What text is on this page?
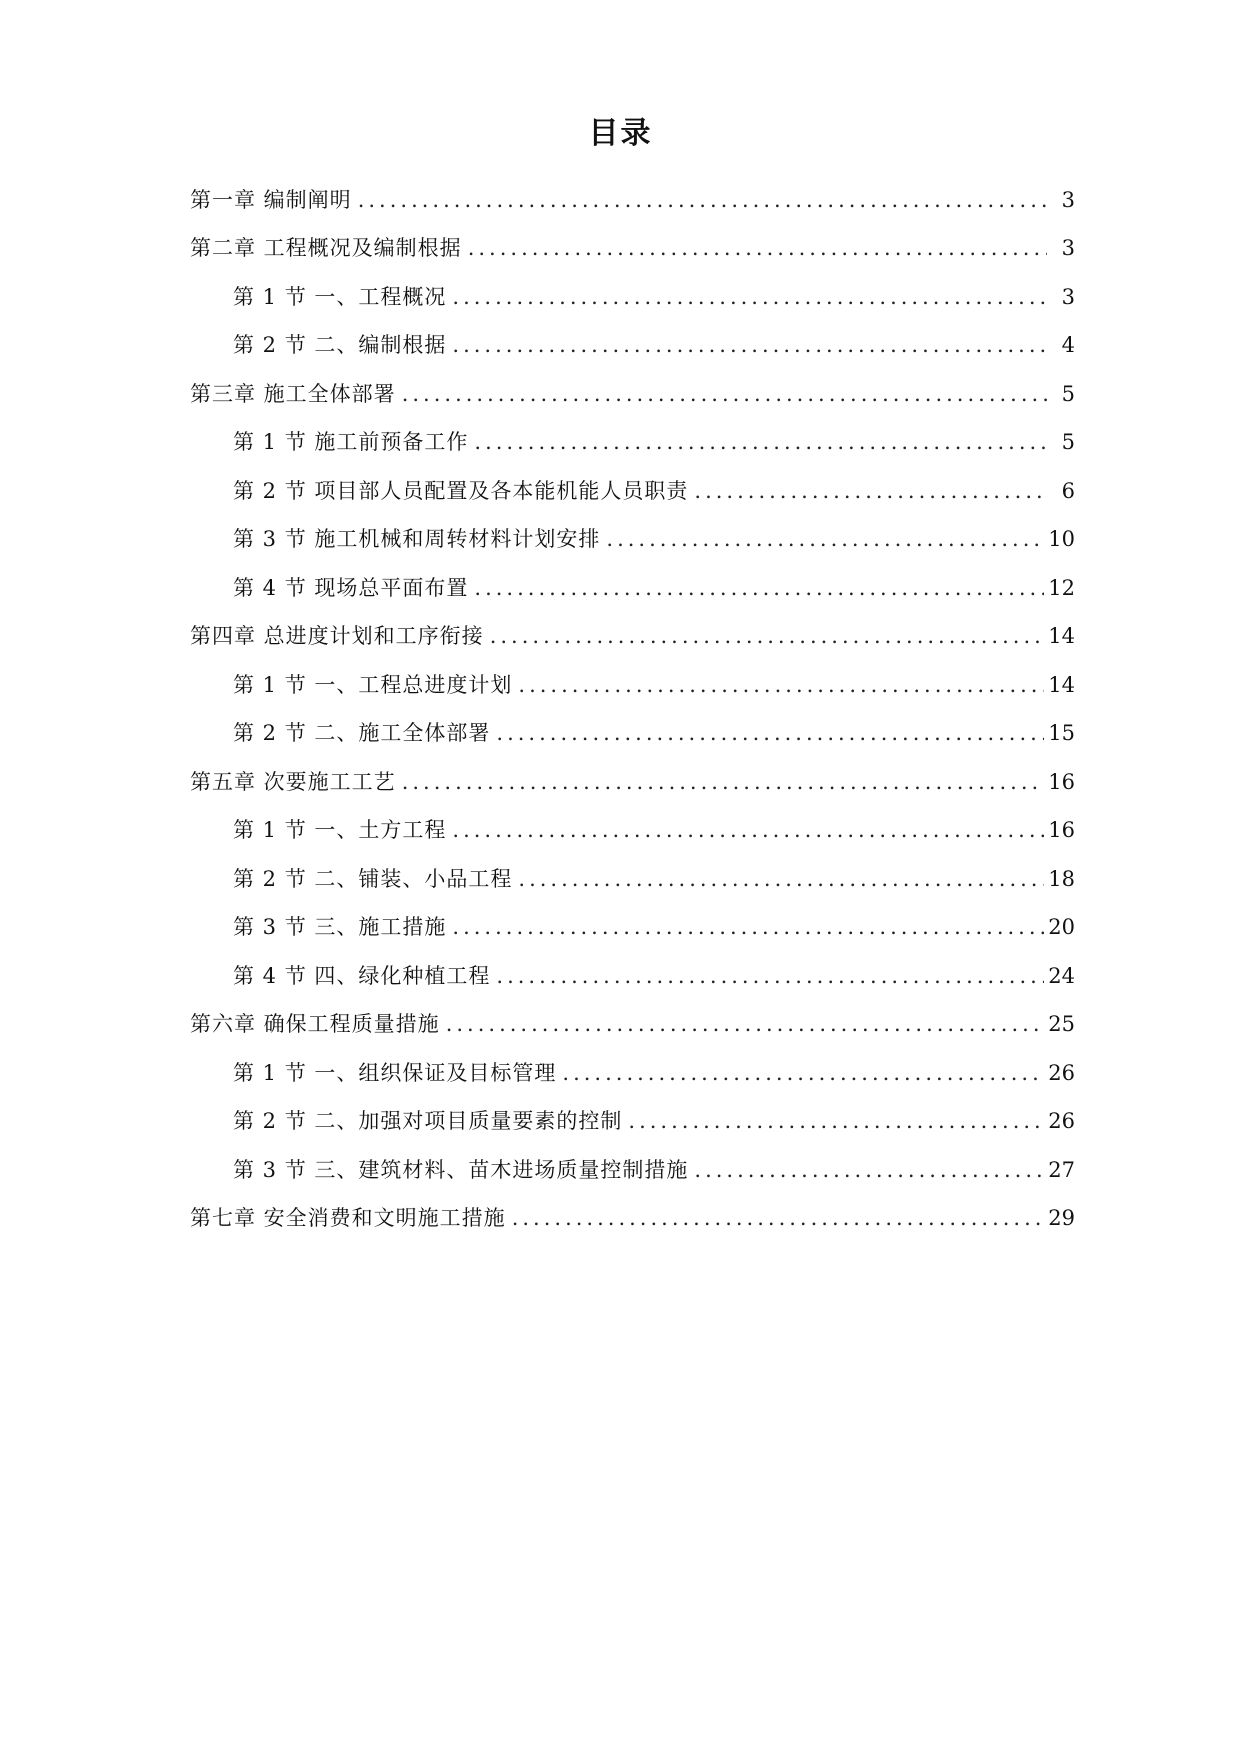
目录
第一章 编制阐明 .....	3
第二章 工程概况及编制根据 .....	3
第 1 节 一、工程概况 .....	3
第 2 节 二、编制根据 .....	4
第三章 施工全体部署 .....	5
第 1 节 施工前预备工作 .....	5
第 2 节 项目部人员配置及各本能机能人员职责 .....	6
第 3 节 施工机械和周转材料计划安排 .....	10
第 4 节 现场总平面布置 .....	12
第四章 总进度计划和工序衔接 .....	14
第 1 节 一、工程总进度计划 .....	14
第 2 节 二、施工全体部署 .....	15
第五章 次要施工工艺 .....	16
第 1 节 一、土方工程 .....	16
第 2 节 二、铺装、小品工程 .....	18
第 3 节 三、施工措施 .....	20
第 4 节 四、绿化种植工程 .....	24
第六章 确保工程质量措施 .....	25
第 1 节 一、组织保证及目标管理 .....	26
第 2 节 二、加强对项目质量要素的控制 .....	26
第 3 节 三、建筑材料、苗木进场质量控制措施 .....	27
第七章 安全消费和文明施工措施 .....	29
